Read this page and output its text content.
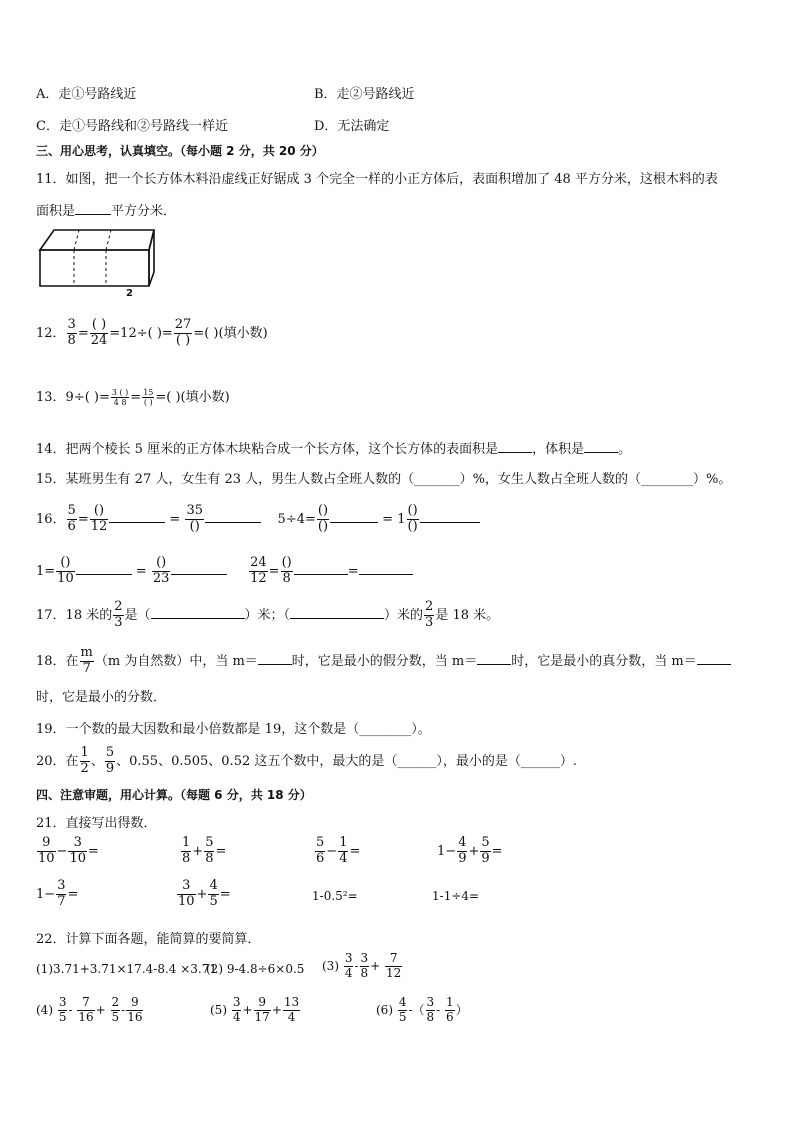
A．走①号路线近	B．走②号路线近
C．走①号路线和②号路线一样近	D．无法确定
三、用心思考，认真填空。（每小题 2 分，共 20 分）
11．如图，把一个长方体木料沿虚线正好锯成 3 个完全一样的小正方体后，表面积增加了 48 平方分米，这根木料的表
面积是	平方分米．
2
12． $\frac{3}{8}$ =
( )
24 =12÷( )=
27
( ) =( )(填小数)
13．9÷( )= $\frac{3 ( )}{4 8} = 15$
( ) =( )(填小数)
14．把两个棱长 5 厘米的正方体木块粘合成一个长方体，这个长方体的表面积是	，体积是	。
15．某班男生有 27 人，女生有 23 人，男生人数占全班人数的（_______）%，女生人数占全班人数的（________）%。
16． $\frac{5}{6}$ =
()
12	=
35
()	5÷4=
()
()	= 1
()
()
1=
()
10	=
()
23
	$\frac{24}{12}$ =
()
8	=
17．18 米的 $\frac{2}{3}$ 是（	）米；（	）米的 $\frac{2}{3}$ 是 18 米。
18．在 $\frac{m}{7} (m$ 为自然数）中，当 m＝	时，它是最小的假分数，当 m＝	时，它是最小的真分数，当 m＝
时，它是最小的分数．
19．一个数的最大因数和最小倍数都是 19，这个数是（________）。
20．在 $\frac{1}{2}$ 、 $\frac{5}{9}$ 、0.55、0.505、0.52 这五个数中，最大的是（______），最小的是（______）.
四、注意审题，用心计算。（每题 6 分，共 18 分）
21．直接写出得数．
$\frac{9}{10} - \frac{3}{10}$ =	$\frac{1}{8} + \frac{5}{8}$ =	$\frac{5}{6} - \frac{1}{4}$ =	$1- \frac{4}{9} + \frac{5}{9}$ =
$1- \frac{3}{7}$ =	$\frac{3}{10} + \frac{4}{5}$ =	1-0.5²=	1-1÷4=
22．计算下面各题，能简算的要简算．
(1)3.71+3.71×17.4-8.4 ×3.71
(2) 9-4.8÷6×0.5 $(3) \frac{3}{4} - \frac{3}{8} + \frac{7}{12}$
$(4) \frac{3}{5} - \frac{7}{16} + \frac{2}{5} - \frac{9}{16}$	$(5) \frac{3}{4} + \frac{9}{17} + \frac{13}{4}$	$(6) \frac{4}{5}$ -（ $\frac{3}{8} - \frac{1}{6}$ ）
